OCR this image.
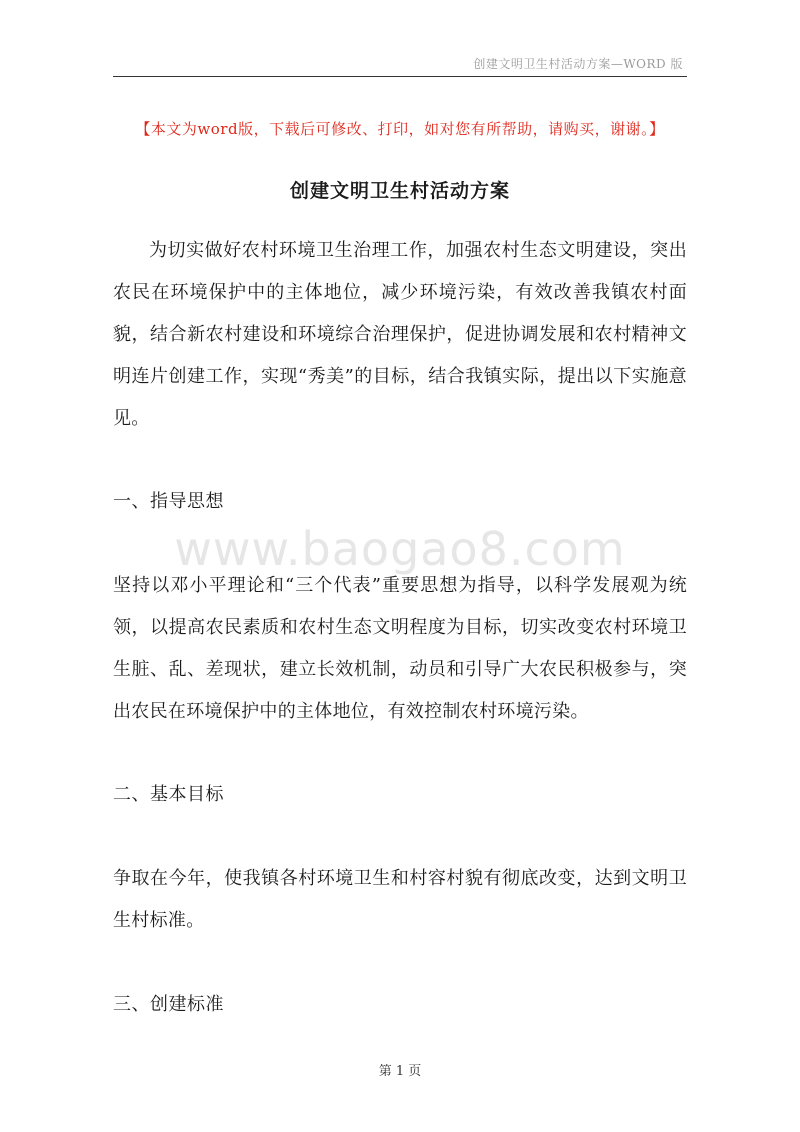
创建文明卫生村活动方案—WORD 版
【本文为word版，下载后可修改、打印，如对您有所帮助，请购买，谢谢。】
创建文明卫生村活动方案
为切实做好农村环境卫生治理工作，加强农村生态文明建设，突出农民在环境保护中的主体地位，减少环境污染，有效改善我镇农村面貌，结合新农村建设和环境综合治理保护，促进协调发展和农村精神文明连片创建工作，实现“秀美”的目标，结合我镇实际，提出以下实施意见。
一、指导思想
www.baogao8.com
坚持以邓小平理论和“三个代表”重要思想为指导，以科学发展观为统领，以提高农民素质和农村生态文明程度为目标，切实改变农村环境卫生脏、乱、差现状，建立长效机制，动员和引导广大农民积极参与，突出农民在环境保护中的主体地位，有效控制农村环境污染。
二、基本目标
争取在今年，使我镇各村环境卫生和村容村貌有彻底改变，达到文明卫生村标准。
三、创建标准
第 1 页
